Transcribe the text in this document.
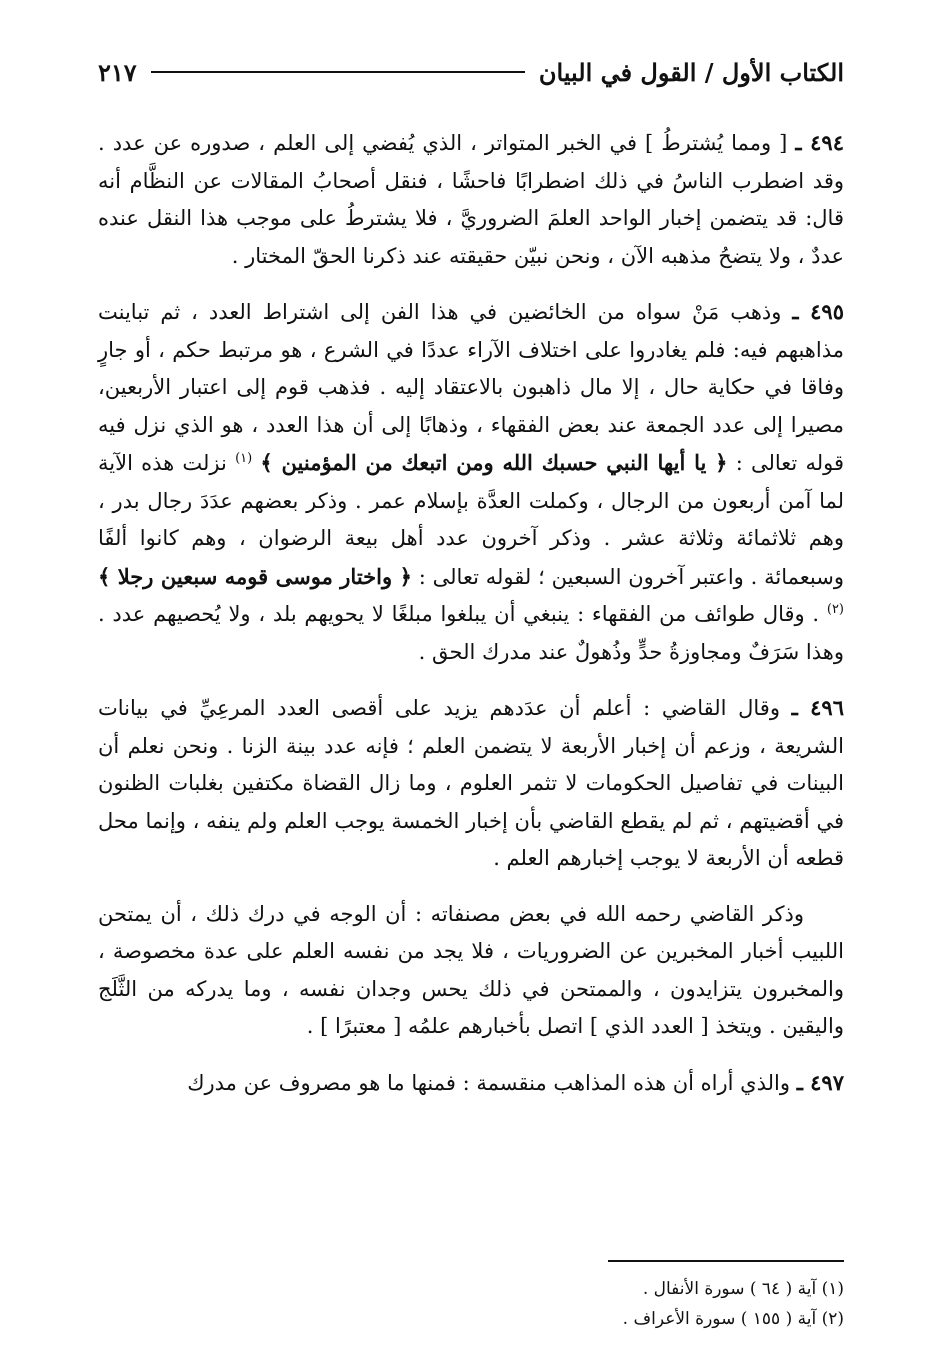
الكتاب الأول / القول في البيان
٢١٧

٤٩٤ ـ [ ومما يُشترطُ ] في الخبر المتواتر ، الذي يُفضي إلى العلم ، صدوره عن عدد . وقد اضطرب الناسُ في ذلك اضطرابًا فاحشًا ، فنقل أصحابُ المقالات عن النظَّام أنه قال: قد يتضمن إخبار الواحد العلمَ الضروريَّ ، فلا يشترطُ على موجب هذا النقل عنده عددٌ ، ولا يتضحُ مذهبه الآن ، ونحن نبيّن حقيقته عند ذكرنا الحقّ المختار .

٤٩٥ ـ وذهب مَنْ سواه من الخائضين في هذا الفن إلى اشتراط العدد ، ثم تباينت مذاهبهم فيه: فلم يغادروا على اختلاف الآراء عددًا في الشرع ، هو مرتبط حكم ، أو جارٍ وفاقا في حكاية حال ، إلا مال ذاهبون بالاعتقاد إليه . فذهب قوم إلى اعتبار الأربعين، مصيرا إلى عدد الجمعة عند بعض الفقهاء ، وذهابًا إلى أن هذا العدد ، هو الذي نزل فيه قوله تعالى : ﴿ يا أيها النبي حسبك الله ومن اتبعك من المؤمنين ﴾ $^{(١)}$ نزلت هذه الآية لما آمن أربعون من الرجال ، وكملت العدَّة بإسلام عمر . وذكر بعضهم عدَدَ رجال بدر ، وهم ثلاثمائة وثلاثة عشر . وذكر آخرون عدد أهل بيعة الرضوان ، وهم كانوا ألفًا وسبعمائة . واعتبر آخرون السبعين ؛ لقوله تعالى : ﴿ واختار موسى قومه سبعين رجلا ﴾ $^{(٢)}$ . وقال طوائف من الفقهاء : ينبغي أن يبلغوا مبلغًا لا يحويهم بلد ، ولا يُحصيهم عدد . وهذا سَرَفٌ ومجاوزةُ حدٍّ وذُهولٌ عند مدرك الحق .

٤٩٦ ـ وقال القاضي : أعلم أن عدَدهم يزيد على أقصى العدد المرعِيِّ في بيانات الشريعة ، وزعم أن إخبار الأربعة لا يتضمن العلم ؛ فإنه عدد بينة الزنا . ونحن نعلم أن البينات في تفاصيل الحكومات لا تثمر العلوم ، وما زال القضاة مكتفين بغلبات الظنون في أقضيتهم ، ثم لم يقطع القاضي بأن إخبار الخمسة يوجب العلم ولم ينفه ، وإنما محل قطعه أن الأربعة لا يوجب إخبارهم العلم .

وذكر القاضي رحمه الله في بعض مصنفاته : أن الوجه في درك ذلك ، أن يمتحن اللبيب أخبار المخبرين عن الضروريات ، فلا يجد من نفسه العلم على عدة مخصوصة ، والمخبرون يتزايدون ، والممتحن في ذلك يحس وجدان نفسه ، وما يدركه من الثَّلَج واليقين . ويتخذ [ العدد الذي ] اتصل بأخبارهم علمُه [ معتبرًا ] .

٤٩٧ ـ والذي أراه أن هذه المذاهب منقسمة : فمنها ما هو مصروف عن مدرك

(١) آية ( ٦٤ ) سورة الأنفال .

(٢) آية ( ١٥٥ ) سورة الأعراف .
